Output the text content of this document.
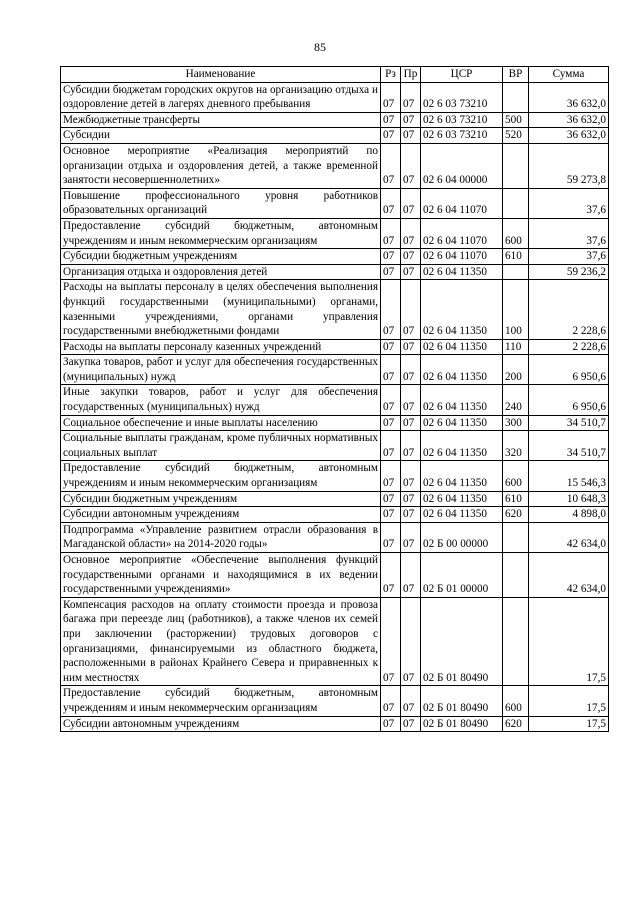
85
Наименование	Рз	Пр	ЦСР	ВР	Сумма
Субсидии бюджетам городских округов на организацию отдыха и оздоровление детей в лагерях дневного пребывания	07	07	02 6 03 73210		36 632,0
Межбюджетные трансферты	07	07	02 6 03 73210	500	36 632,0
Субсидии	07	07	02 6 03 73210	520	36 632,0
Основное мероприятие «Реализация мероприятий по организации отдыха и оздоровления детей, а также временной занятости несовершеннолетних»	07	07	02 6 04 00000		59 273,8
Повышение профессионального уровня работников образовательных организаций	07	07	02 6 04 11070		37,6
Предоставление субсидий бюджетным, автономным учреждениям и иным некоммерческим организациям	07	07	02 6 04 11070	600	37,6
Субсидии бюджетным учреждениям	07	07	02 6 04 11070	610	37,6
Организация отдыха и оздоровления детей	07	07	02 6 04 11350		59 236,2
Расходы на выплаты персоналу в целях обеспечения выполнения функций государственными (муниципальными) органами, казенными учреждениями, органами управления государственными внебюджетными фондами	07	07	02 6 04 11350	100	2 228,6
Расходы на выплаты персоналу казенных учреждений	07	07	02 6 04 11350	110	2 228,6
Закупка товаров, работ и услуг для обеспечения государственных (муниципальных) нужд	07	07	02 6 04 11350	200	6 950,6
Иные закупки товаров, работ и услуг для обеспечения государственных (муниципальных) нужд	07	07	02 6 04 11350	240	6 950,6
Социальное обеспечение и иные выплаты населению	07	07	02 6 04 11350	300	34 510,7
Социальные выплаты гражданам, кроме публичных нормативных социальных выплат	07	07	02 6 04 11350	320	34 510,7
Предоставление субсидий бюджетным, автономным учреждениям и иным некоммерческим организациям	07	07	02 6 04 11350	600	15 546,3
Субсидии бюджетным учреждениям	07	07	02 6 04 11350	610	10 648,3
Субсидии автономным учреждениям	07	07	02 6 04 11350	620	4 898,0
Подпрограмма «Управление развитием отрасли образования в Магаданской области» на 2014-2020 годы»	07	07	02 Б 00 00000		42 634,0
Основное мероприятие «Обеспечение выполнения функций государственными органами и находящимися в их ведении государственными учреждениями»	07	07	02 Б 01 00000		42 634,0
Компенсация расходов на оплату стоимости проезда и провоза багажа при переезде лиц (работников), а также членов их семей при заключении (расторжении) трудовых договоров с организациями, финансируемыми из областного бюджета, расположенными в районах Крайнего Севера и приравненных к ним местностях	07	07	02 Б 01 80490		17,5
Предоставление субсидий бюджетным, автономным учреждениям и иным некоммерческим организациям	07	07	02 Б 01 80490	600	17,5
Субсидии автономным учреждениям	07	07	02 Б 01 80490	620	17,5
